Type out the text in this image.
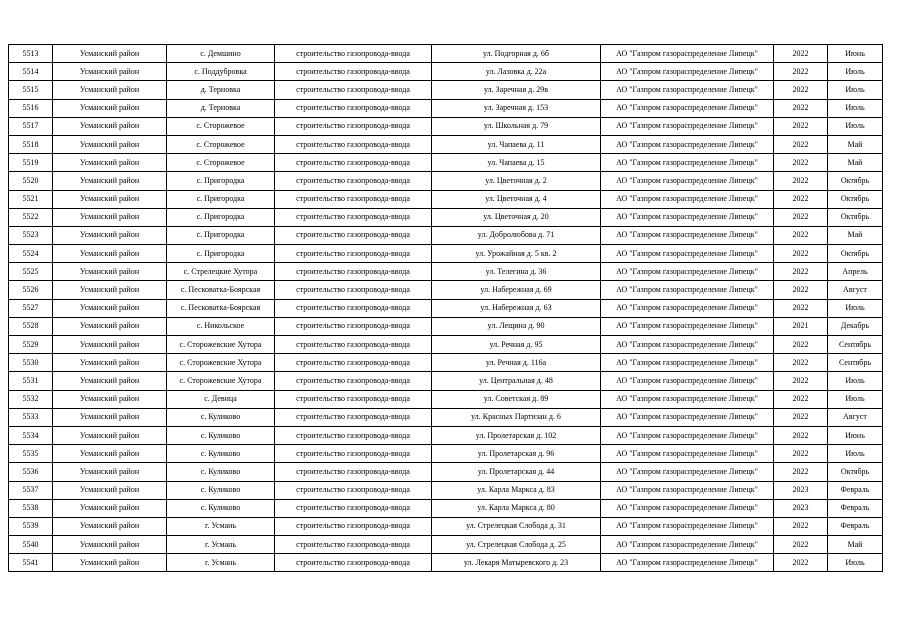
5513	Усманский район	с. Демшино	строительство газопровода-ввода	ул. Подгорная д. 6б	АО "Газпром газораспределение Липецк"	2022	Июнь
5514	Усманский район	с. Поддубровка	строительство газопровода-ввода	ул. Лазовка д. 22а	АО "Газпром газораспределение Липецк"	2022	Июль
5515	Усманский район	д. Терновка	строительство газопровода-ввода	ул. Заречная д. 29в	АО "Газпром газораспределение Липецк"	2022	Июль
5516	Усманский район	д. Терновка	строительство газопровода-ввода	ул. Заречная д. 153	АО "Газпром газораспределение Липецк"	2022	Июль
5517	Усманский район	с. Сторожевое	строительство газопровода-ввода	ул. Школьная д. 79	АО "Газпром газораспределение Липецк"	2022	Июль
5518	Усманский район	с. Сторожевое	строительство газопровода-ввода	ул. Чапаева д. 11	АО "Газпром газораспределение Липецк"	2022	Май
5519	Усманский район	с. Сторожевое	строительство газопровода-ввода	ул. Чапаева д. 15	АО "Газпром газораспределение Липецк"	2022	Май
5520	Усманский район	с. Пригородка	строительство газопровода-ввода	ул. Цветочная д. 2	АО "Газпром газораспределение Липецк"	2022	Октябрь
5521	Усманский район	с. Пригородка	строительство газопровода-ввода	ул. Цветочная д. 4	АО "Газпром газораспределение Липецк"	2022	Октябрь
5522	Усманский район	с. Пригородка	строительство газопровода-ввода	ул. Цветочная д. 20	АО "Газпром газораспределение Липецк"	2022	Октябрь
5523	Усманский район	с. Пригородка	строительство газопровода-ввода	ул. Добролюбова д. 71	АО "Газпром газораспределение Липецк"	2022	Май
5524	Усманский район	с. Пригородка	строительство газопровода-ввода	ул. Урожайная д. 5 кв. 2	АО "Газпром газораспределение Липецк"	2022	Октябрь
5525	Усманский район	с. Стрелецкие Хутора	строительство газопровода-ввода	ул. Телегина д. 36	АО "Газпром газораспределение Липецк"	2022	Апрель
5526	Усманский район	с. Песковатка-Боярская	строительство газопровода-ввода	ул. Набережная д. 69	АО "Газпром газораспределение Липецк"	2022	Август
5527	Усманский район	с. Песковатка-Боярская	строительство газопровода-ввода	ул. Набережная д. 63	АО "Газпром газораспределение Липецк"	2022	Июль
5528	Усманский район	с. Никольское	строительство газопровода-ввода	ул. Лещина д. 90	АО "Газпром газораспределение Липецк"	2021	Декабрь
5529	Усманский район	с. Сторожевские Хутора	строительство газопровода-ввода	ул. Речная д. 95	АО "Газпром газораспределение Липецк"	2022	Сентябрь
5530	Усманский район	с. Сторожевские Хутора	строительство газопровода-ввода	ул. Речная д. 116а	АО "Газпром газораспределение Липецк"	2022	Сентябрь
5531	Усманский район	с. Сторожевские Хутора	строительство газопровода-ввода	ул. Центральная д. 48	АО "Газпром газораспределение Липецк"	2022	Июль
5532	Усманский район	с. Девица	строительство газопровода-ввода	ул. Советская д. 89	АО "Газпром газораспределение Липецк"	2022	Июль
5533	Усманский район	с. Куликово	строительство газопровода-ввода	ул. Красных Партизан д. 6	АО "Газпром газораспределение Липецк"	2022	Август
5534	Усманский район	с. Куликово	строительство газопровода-ввода	ул. Пролетарская д. 102	АО "Газпром газораспределение Липецк"	2022	Июнь
5535	Усманский район	с. Куликово	строительство газопровода-ввода	ул. Пролетарская д. 96	АО "Газпром газораспределение Липецк"	2022	Июль
5536	Усманский район	с. Куликово	строительство газопровода-ввода	ул. Пролетарская д. 44	АО "Газпром газораспределение Липецк"	2022	Октябрь
5537	Усманский район	с. Куликово	строительство газопровода-ввода	ул. Карла Маркса д. 83	АО "Газпром газораспределение Липецк"	2023	Февраль
5538	Усманский район	с. Куликово	строительство газопровода-ввода	ул. Карла Маркса д. 80	АО "Газпром газораспределение Липецк"	2023	Февраль
5539	Усманский район	г. Усмань	строительство газопровода-ввода	ул. Стрелецкая Слобода д. 31	АО "Газпром газораспределение Липецк"	2022	Февраль
5540	Усманский район	г. Усмань	строительство газопровода-ввода	ул. Стрелецкая Слобода д. 25	АО "Газпром газораспределение Липецк"	2022	Май
5541	Усманский район	г. Усмань	строительство газопровода-ввода	ул. Лекаря Матыревского д. 23	АО "Газпром газораспределение Липецк"	2022	Июль
